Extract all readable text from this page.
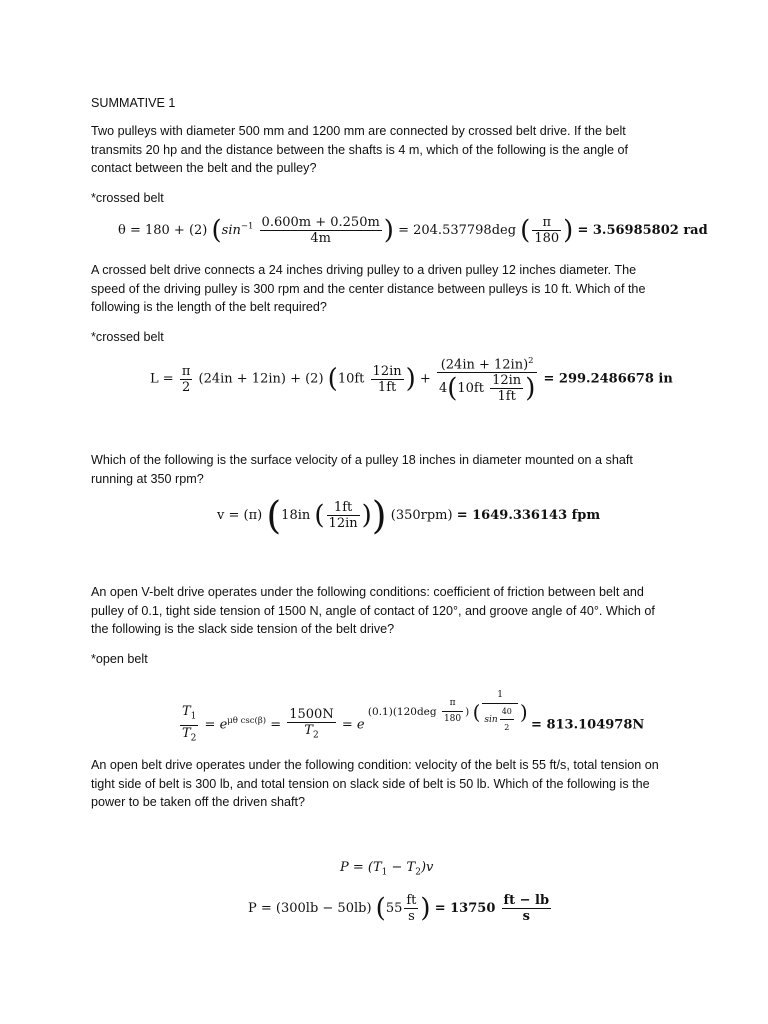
SUMMATIVE 1
Two pulleys with diameter 500 mm and 1200 mm are connected by crossed belt drive. If the belt transmits 20 hp and the distance between the shafts is 4 m, which of the following is the angle of contact between the belt and the pulley?
*crossed belt
θ = 180 + (2) ($\sin^{-1} \frac{0.600m + 0.250m}{4m}$ ) = 204.537798deg ( $\frac{\pi}{180}$ ) = 3.56985802 rad
A crossed belt drive connects a 24 inches driving pulley to a driven pulley 12 inches diameter. The speed of the driving pulley is 300 rpm and the center distance between pulleys is 10 ft. Which of the following is the length of the belt required?
*crossed belt
$L = \frac{\pi}{2} (24in + 12in) + (2)$ ($10ft \frac{12in}{1ft}$ ) + $\frac{(24in + 12in)^2}{4(10ft \frac{12in}{1ft} )} = 299.2486678$ in
Which of the following is the surface velocity of a pulley 18 inches in diameter mounted on a shaft running at 350 rpm?
v = (π) (18in ( $\frac{1ft}{12in}$ )) (350rpm) = 1649.336143 fpm
An open V-belt drive operates under the following conditions: coefficient of friction between belt and pulley of 0.1, tight side tension of 1500 N, angle of contact of 120°, and groove angle of 40°. Which of the following is the slack side tension of the belt drive?
*open belt
$\frac{T_1}{T_2} = e^{\mu\theta csc(\beta)} = \frac{1500N}{T_2} = e$ $^{(0.1)(120deg \frac{\pi}{180} ) ( \frac{1}{\sin \frac{40}{2}} )}$ = 813.104978N
An open belt drive operates under the following condition: velocity of the belt is 55 ft/s, total tension on tight side of belt is 300 lb, and total tension on slack side of belt is 50 lb. Which of the following is the power to be taken off the driven shaft?
$P = (T_1 - T_2)v$
P = (300lb − 50lb) ($55 \frac{ft}{s}$ ) = $13750 \frac{ft - lb}{s}$
